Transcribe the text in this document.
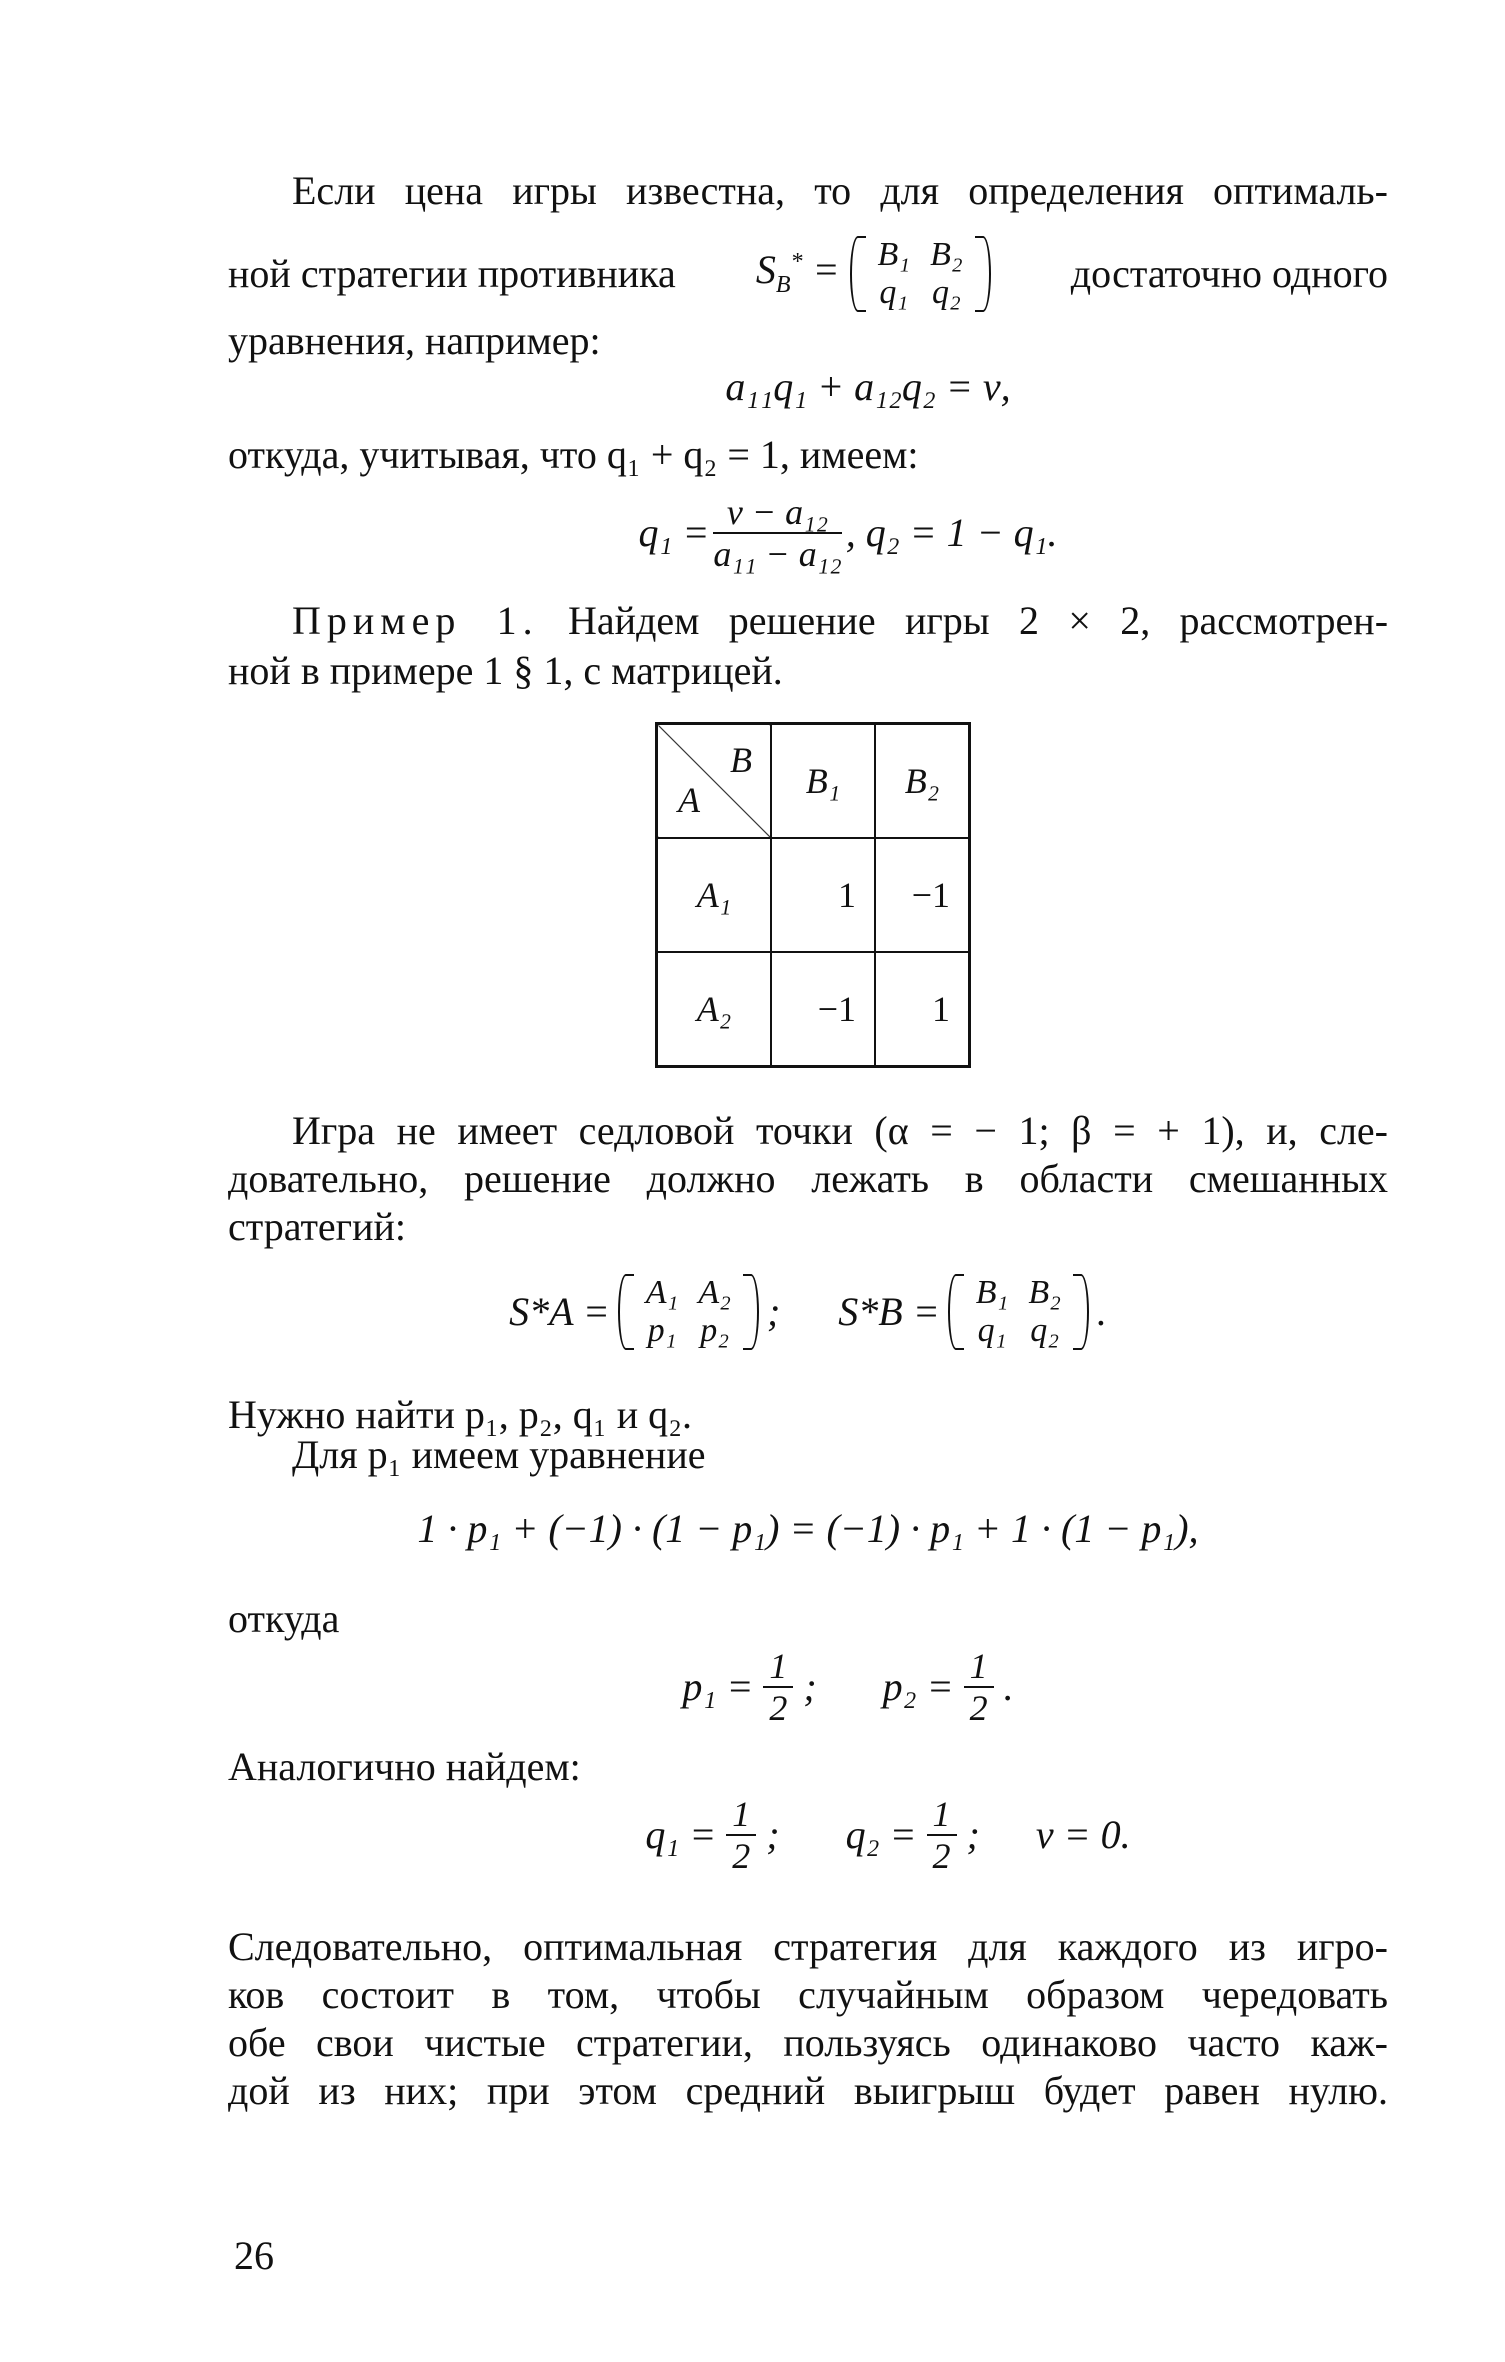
Если цена игры известна, то для определения оптималь-
ной стратегии противника $S_B^* = B_1$	B₂
q₁	q₂	достаточно одного
уравнения, например:
a₁₁q₁ + a₁₂q₂ = ν,
откуда, учитывая, что q₁ + q₂ = 1, имеем:
$q_1 = \frac{\text{ν − a₁₂}}{\text{a₁₁ − a₁₂}}$ , q₂ = 1 − q₁.
Пример 1. Найдем решение игры 2 × 2, рассмотрен-
ной в примере 1 § 1, с матрицей.
B
A	B₁	B₂
A₁	1	−1
A₂	−1	1
Игра не имеет седловой точки (α = − 1; β = + 1), и, сле-
довательно, решение должно лежать в области смешанных
стратегий:
S*A = A₁	A₂
p₁	p₂ ; S*B = B₁	B₂
q₁	q₂ .
Нужно найти p₁, p₂, q₁ и q₂.
Для p₁ имеем уравнение
1 · p₁ + (−1) · (1 − p₁) = (−1) · p₁ + 1 · (1 − p₁),
откуда
$p_1 = \frac{1}{2}$ ; $p_2 = \frac{1}{2}$ .
Аналогично найдем:
$q_1 = \frac{1}{2}$ ; $q_2 = \frac{1}{2}$ ; ν = 0.
Следовательно, оптимальная стратегия для каждого из игро-
ков состоит в том, чтобы случайным образом чередовать
обе свои чистые стратегии, пользуясь одинаково часто каж-
дой из них; при этом средний выигрыш будет равен нулю.
26
